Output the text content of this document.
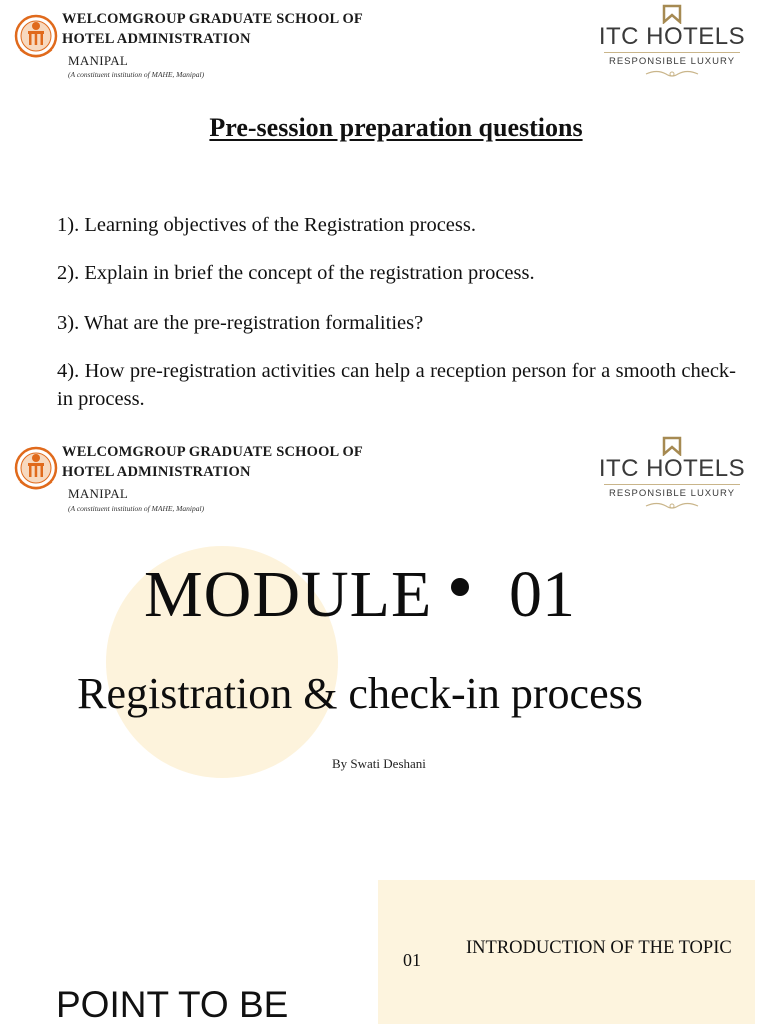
WELCOMGROUP GRADUATE SCHOOL OF
HOTEL ADMINISTRATION
MANIPAL
(A constituent institution of MAHE, Manipal)
ITC HOTELS
RESPONSIBLE LUXURY
Pre-session preparation questions
1). Learning objectives of the Registration process.
2). Explain in brief the concept of the registration process.
3). What are the pre-registration formalities?
4). How pre-registration activities can help a reception person for a smooth check-in process.
WELCOMGROUP GRADUATE SCHOOL OF
HOTEL ADMINISTRATION
MANIPAL
(A constituent institution of MAHE, Manipal)
ITC HOTELS
RESPONSIBLE LUXURY
MODULE 01
Registration & check-in process
By Swati Deshani
POINT TO BE
01
INTRODUCTION OF THE TOPIC
